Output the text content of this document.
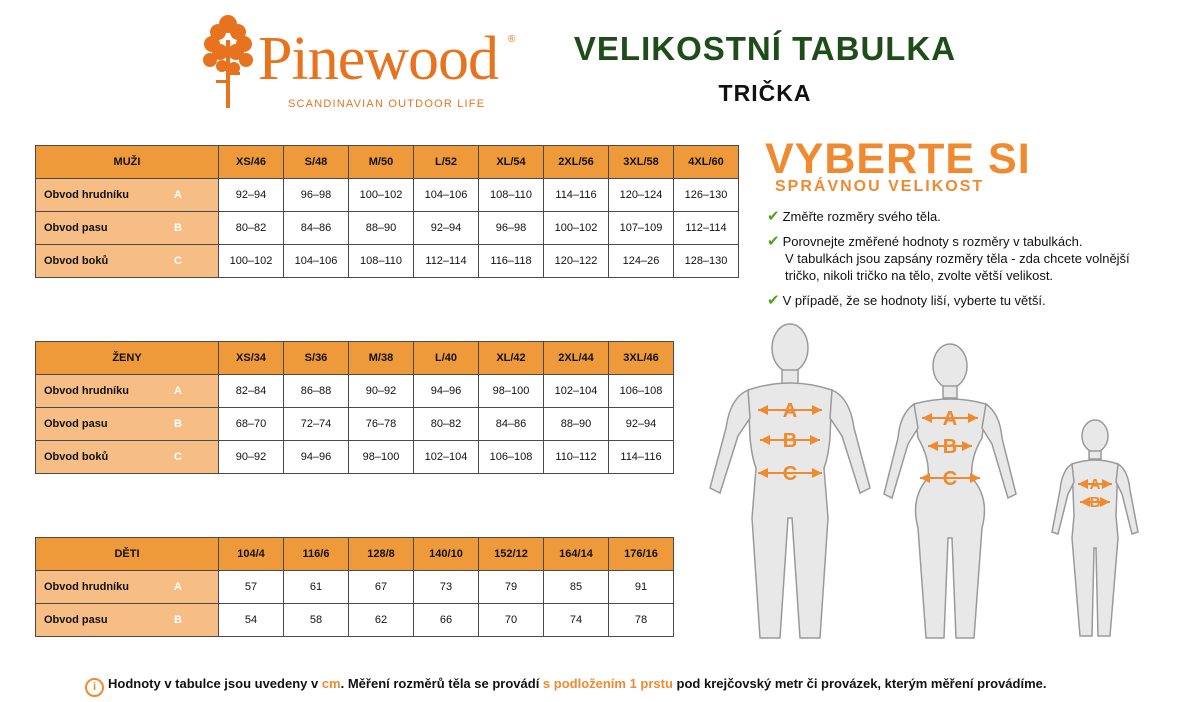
Pinewood ®
SCANDINAVIAN OUTDOOR LIFE
VELIKOSTNÍ TABULKA
TRIČKA
MUŽI	XS/46	S/48	M/50	L/52	XL/54	2XL/56	3XL/58	4XL/60

Obvod hrudníku A	92–94	96–98	100–102	104–106	108–110	114–116	120–124	126–130

Obvod pasu B	80–82	84–86	88–90	92–94	96–98	100–102	107–109	112–114

Obvod boků C	100–102	104–106	108–110	112–114	116–118	120–122	124–26	128–130
ŽENY	XS/34	S/36	M/38	L/40	XL/42	2XL/44	3XL/46

Obvod hrudníku A	82–84	86–88	90–92	94–96	98–100	102–104	106–108

Obvod pasu B	68–70	72–74	76–78	80–82	84–86	88–90	92–94

Obvod boků C	90–92	94–96	98–100	102–104	106–108	110–112	114–116
DĚTI	104/4	116/6	128/8	140/10	152/12	164/14	176/16

Obvod hrudníku A	57	61	67	73	79	85	91

Obvod pasu B	54	58	62	66	70	74	78
VYBERTE SI
SPRÁVNOU VELIKOST
✔ Změřte rozměry svého těla.
✔ Porovnejte změřené hodnoty s rozměry v tabulkách.
V tabulkách jsou zapsány rozměry těla - zda chcete volnější
tričko, nikoli tričko na tělo, zvolte větší velikost.
✔ V případě, že se hodnoty liší, vyberte tu větší.
A
B
C
A
B
C	A
B
i Hodnoty v tabulce jsou uvedeny v cm. Měření rozměrů těla se provádí s podložením 1 prstu pod krejčovský metr či provázek, kterým měření provádíme.
